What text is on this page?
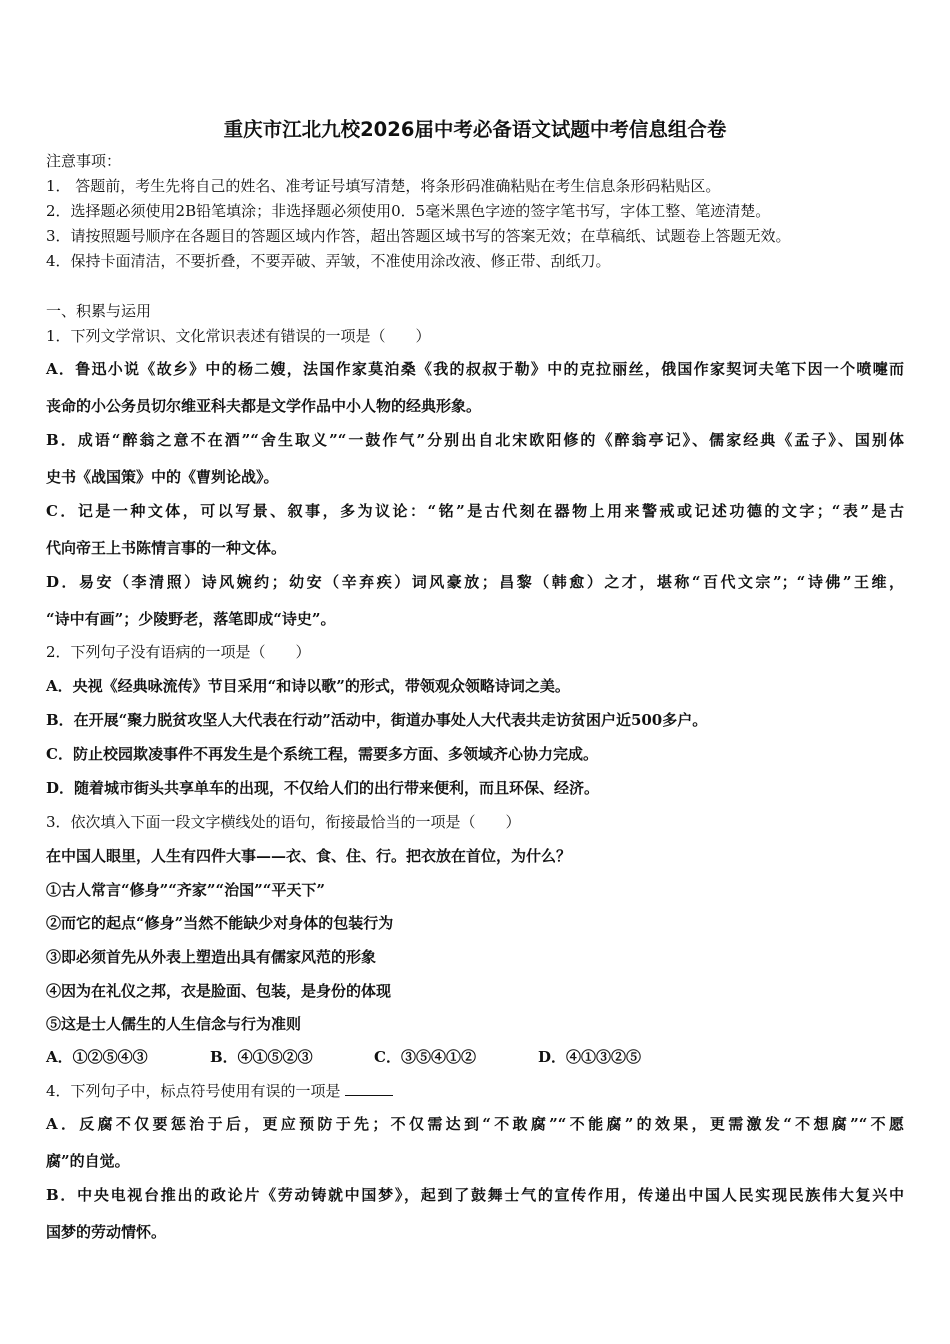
重庆市江北九校2026届中考必备语文试题中考信息组合卷
注意事项：
1． 答题前，考生先将自己的姓名、准考证号填写清楚，将条形码准确粘贴在考生信息条形码粘贴区。
2．选择题必须使用2B铅笔填涂；非选择题必须使用0．5毫米黑色字迹的签字笔书写，字体工整、笔迹清楚。
3．请按照题号顺序在各题目的答题区域内作答，超出答题区域书写的答案无效；在草稿纸、试题卷上答题无效。
4．保持卡面清洁，不要折叠，不要弄破、弄皱，不准使用涂改液、修正带、刮纸刀。
一、积累与运用
1．下列文学常识、文化常识表述有错误的一项是（　　）
A．鲁迅小说《故乡》中的杨二嫂，法国作家莫泊桑《我的叔叔于勒》中的克拉丽丝，俄国作家契诃夫笔下因一个喷嚏而
丧命的小公务员切尔维亚科夫都是文学作品中小人物的经典形象。
B．成语“醉翁之意不在酒”“舍生取义”“一鼓作气”分别出自北宋欧阳修的《醉翁亭记》、儒家经典《孟子》、国别体
史书《战国策》中的《曹刿论战》。
C．记是一种文体，可以写景、叙事，多为议论：“铭”是古代刻在器物上用来警戒或记述功德的文字；“表”是古
代向帝王上书陈情言事的一种文体。
D．易安（李清照）诗风婉约；幼安（辛弃疾）词风豪放；昌黎（韩愈）之才，堪称“百代文宗”；“诗佛”王维，
“诗中有画”；少陵野老，落笔即成“诗史”。
2．下列句子没有语病的一项是（　　）
A．央视《经典咏流传》节目采用“和诗以歌”的形式，带领观众领略诗词之美。
B．在开展“聚力脱贫攻坚人大代表在行动”活动中，街道办事处人大代表共走访贫困户近500多户。
C．防止校园欺凌事件不再发生是个系统工程，需要多方面、多领域齐心协力完成。
D．随着城市街头共享单车的出现，不仅给人们的出行带来便利，而且环保、经济。
3．依次填入下面一段文字横线处的语句，衔接最恰当的一项是（　　）
在中国人眼里，人生有四件大事——衣、食、住、行。把衣放在首位，为什么？
①古人常言“修身”“齐家”“治国”“平天下”
②而它的起点“修身”当然不能缺少对身体的包装行为
③即必须首先从外表上塑造出具有儒家风范的形象
④因为在礼仪之邦，衣是脸面、包装，是身份的体现
⑤这是士人儒生的人生信念与行为准则
A．①②⑤④③	B．④①⑤②③	C．③⑤④①②	D．④①③②⑤
4．下列句子中，标点符号使用有误的一项是
A．反腐不仅要惩治于后，更应预防于先；不仅需达到“不敢腐”“不能腐”的效果，更需激发“不想腐”“不愿
腐”的自觉。
B．中央电视台推出的政论片《劳动铸就中国梦》，起到了鼓舞士气的宣传作用，传递出中国人民实现民族伟大复兴中
国梦的劳动情怀。
